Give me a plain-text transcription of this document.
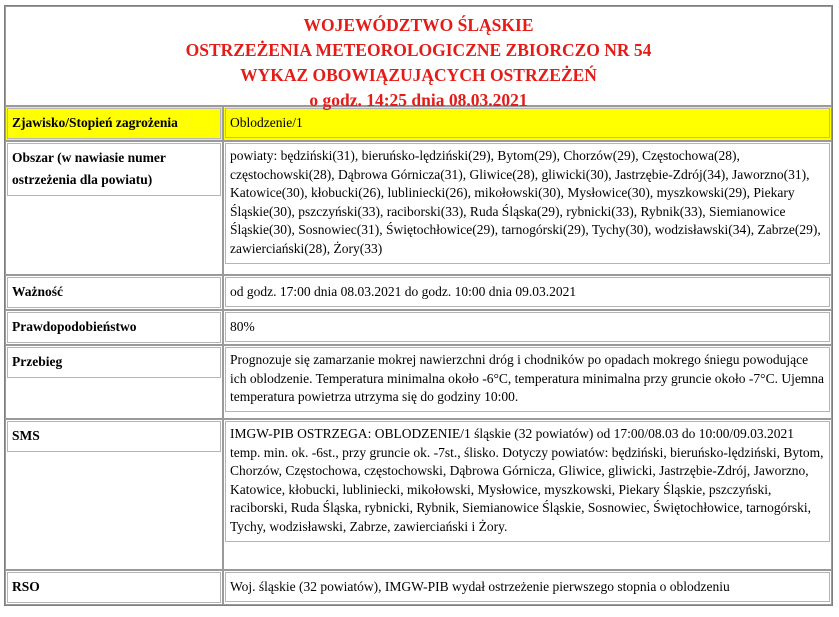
WOJEWÓDZTWO ŚLĄSKIE
OSTRZEŻENIA METEOROLOGICZNE ZBIORCZO NR 54
WYKAZ OBOWIĄZUJĄCYCH OSTRZEŻEŃ
o godz. 14:25 dnia 08.03.2021	

Zjawisko/Stopień zagrożenia	Oblodzenie/1

Obszar (w nawiasie numer ostrzeżenia dla powiatu)	powiaty: będziński(31), bieruńsko-lędziński(29), Bytom(29), Chorzów(29), Częstochowa(28), częstochowski(28), Dąbrowa Górnicza(31), Gliwice(28), gliwicki(30), Jastrzębie-Zdrój(34), Jaworzno(31), Katowice(30), kłobucki(26), lubliniecki(26), mikołowski(30), Mysłowice(30), myszkowski(29), Piekary Śląskie(30), pszczyński(33), raciborski(33), Ruda Śląska(29), rybnicki(33), Rybnik(33), Siemianowice Śląskie(30), Sosnowiec(31), Świętochłowice(29), tarnogórski(29), Tychy(30), wodzisławski(34), Zabrze(29), zawierciański(28), Żory(33)

Ważność	od godz. 17:00 dnia 08.03.2021 do godz. 10:00 dnia 09.03.2021

Prawdopodobieństwo	80%

Przebieg	Prognozuje się zamarzanie mokrej nawierzchni dróg i chodników po opadach mokrego śniegu powodujące ich oblodzenie. Temperatura minimalna około -6°C, temperatura minimalna przy gruncie około -7°C. Ujemna temperatura powietrza utrzyma się do godziny 10:00.

SMS	IMGW-PIB OSTRZEGA: OBLODZENIE/1 śląskie (32 powiatów) od 17:00/08.03 do 10:00/09.03.2021 temp. min. ok. -6st., przy gruncie ok. -7st., ślisko. Dotyczy powiatów: będziński, bieruńsko-lędziński, Bytom, Chorzów, Częstochowa, częstochowski, Dąbrowa Górnicza, Gliwice, gliwicki, Jastrzębie-Zdrój, Jaworzno, Katowice, kłobucki, lubliniecki, mikołowski, Mysłowice, myszkowski, Piekary Śląskie, pszczyński, raciborski, Ruda Śląska, rybnicki, Rybnik, Siemianowice Śląskie, Sosnowiec, Świętochłowice, tarnogórski, Tychy, wodzisławski, Zabrze, zawierciański i Żory.

RSO	Woj. śląskie (32 powiatów), IMGW-PIB wydał ostrzeżenie pierwszego stopnia o oblodzeniu
